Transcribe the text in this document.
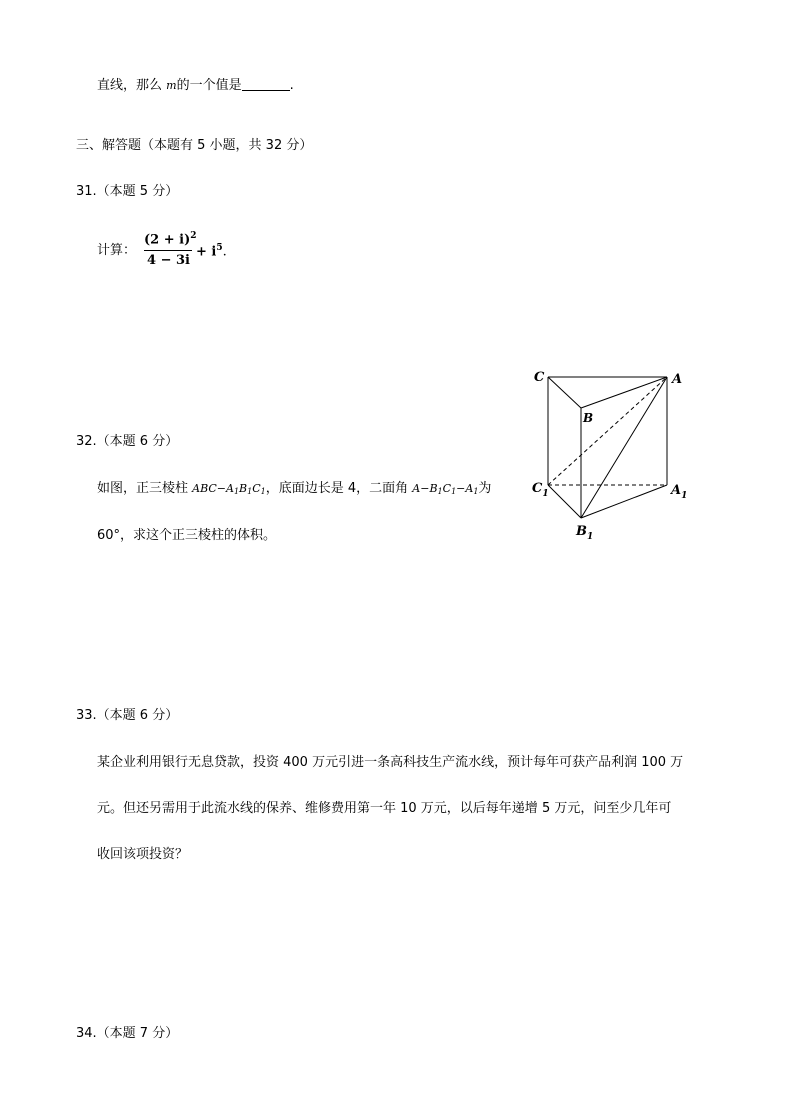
直线，那么 m的一个值是	.
三、解答题（本题有 5 小题，共 32 分）
31.（本题 5 分）
计算：
$(2 + i)^2$
4 − 3i
+ $i^5$.
32.（本题 6 分）
如图，正三棱柱 $ABC-A_1B_1C_1$，底面边长是 4，二面角 $A-B_1C_1-A_1$为
60°，求这个正三棱柱的体积。
C	A
B
$C_1$	$A_1$
$B_1$
33.（本题 6 分）
某企业利用银行无息贷款，投资 400 万元引进一条高科技生产流水线，预计每年可获产品利润 100 万
元。但还另需用于此流水线的保养、维修费用第一年 10 万元，以后每年递增 5 万元，问至少几年可
收回该项投资？
34.（本题 7 分）
